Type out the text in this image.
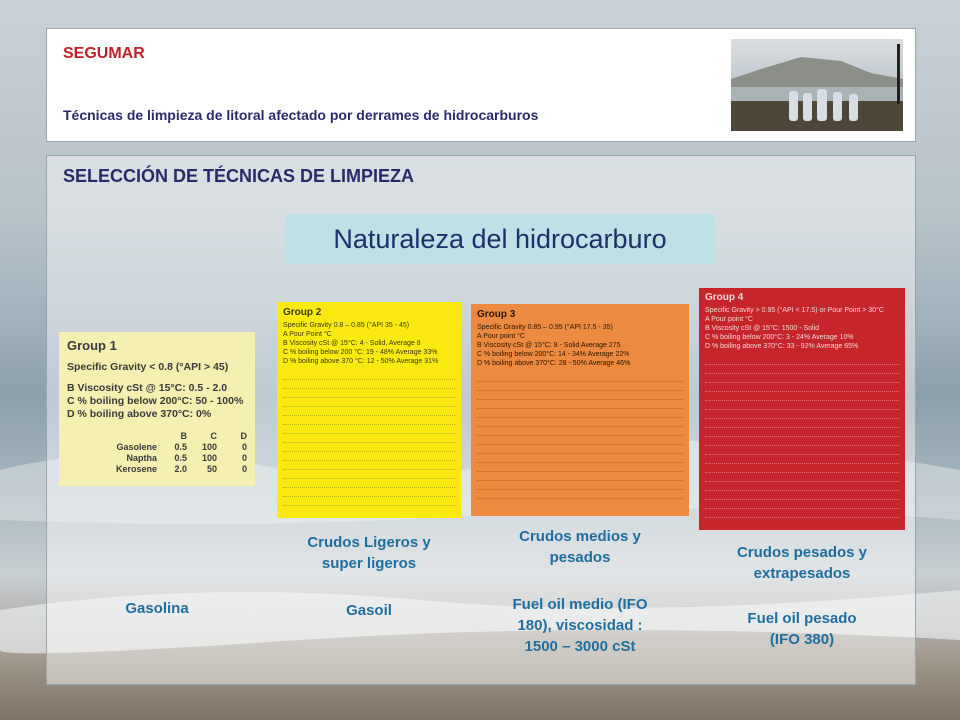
SEGUMAR
Técnicas de limpieza de litoral afectado por derrames de hidrocarburos
SELECCIÓN DE TÉCNICAS DE LIMPIEZA
Naturaleza del hidrocarburo
Group 1
Specific Gravity < 0.8 (°API > 45)
B Viscosity cSt @ 15°C: 0.5 - 2.0
C % boiling below 200°C: 50 - 100%
D % boiling above 370°C: 0%
B	C	D
Gasolene	0.5	100	0
Naptha	0.5	100	0
Kerosene	2.0	50	0
Group 2
Specific Gravity 0.8 – 0.85 (°API 35 - 45)
A Pour Point °C
B Viscosity cSt @ 15°C: 4 - Solid, Average 8
C % boiling below 200 °C: 19 - 48% Average 33%
D % boiling above 370 °C: 12 - 50% Average 31%
Group 3
Specific Gravity 0.85 – 0.95 (°API 17.5 - 35)
A Pour point °C
B Viscosity cSt @ 15°C: 8 - Solid Average 275
C % boiling below 200°C: 14 - 34% Average 22%
D % boiling above 370°C: 28 - 50% Average 46%
Group 4
Specific Gravity > 0.95 (°API < 17.5) or Pour Point > 30°C
A Pour point °C
B Viscosity cSt @ 15°C: 1500 - Solid
C % boiling below 200°C: 3 - 24% Average 10%
D % boiling above 370°C: 33 - 92% Average 65%
Gasolina
Crudos Ligeros y
super ligeros
Gasoil
Crudos medios y
pesados
Fuel oil medio (IFO
180), viscosidad :
1500 – 3000 cSt
Crudos pesados y
extrapesados
Fuel oil pesado
(IFO 380)
